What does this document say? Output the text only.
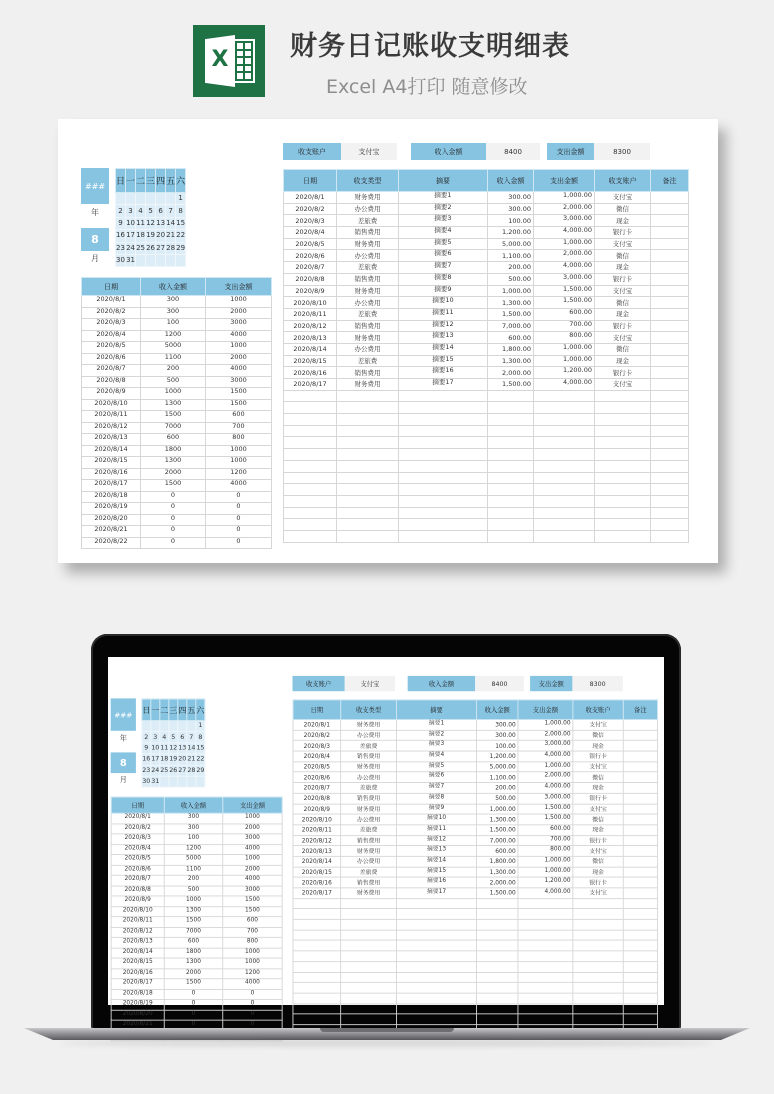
X 财务日记账收支明细表
Excel A4打印 随意修改
收支账户	支付宝	收入金额	8400	支出金额	8300
###
年
8
月
日	一	二	三	四	五	六
						1
2	3	4	5	6	7	8
9	10	11	12	13	14	15
16	17	18	19	20	21	22
23	24	25	26	27	28	29
30	31					
日期	收入金额	支出金额
2020/8/1	300	1000
2020/8/2	300	2000
2020/8/3	100	3000
2020/8/4	1200	4000
2020/8/5	5000	1000
2020/8/6	1100	2000
2020/8/7	200	4000
2020/8/8	500	3000
2020/8/9	1000	1500
2020/8/10	1300	1500
2020/8/11	1500	600
2020/8/12	7000	700
2020/8/13	600	800
2020/8/14	1800	1000
2020/8/15	1300	1000
2020/8/16	2000	1200
2020/8/17	1500	4000
2020/8/18	0	0
2020/8/19	0	0
2020/8/20	0	0
2020/8/21	0	0
2020/8/22	0	0
日期	收支类型	摘要	收入金额	支出金额	收支账户	备注
2020/8/1	财务费用	摘要1	300.00	1,000.00	支付宝	
2020/8/2	办公费用	摘要2	300.00	2,000.00	微信	
2020/8/3	差旅费	摘要3	100.00	3,000.00	现金	
2020/8/4	销售费用	摘要4	1,200.00	4,000.00	银行卡	
2020/8/5	财务费用	摘要5	5,000.00	1,000.00	支付宝	
2020/8/6	办公费用	摘要6	1,100.00	2,000.00	微信	
2020/8/7	差旅费	摘要7	200.00	4,000.00	现金	
2020/8/8	销售费用	摘要8	500.00	3,000.00	银行卡	
2020/8/9	财务费用	摘要9	1,000.00	1,500.00	支付宝	
2020/8/10	办公费用	摘要10	1,300.00	1,500.00	微信	
2020/8/11	差旅费	摘要11	1,500.00	600.00	现金	
2020/8/12	销售费用	摘要12	7,000.00	700.00	银行卡	
2020/8/13	财务费用	摘要13	600.00	800.00	支付宝	
2020/8/14	办公费用	摘要14	1,800.00	1,000.00	微信	
2020/8/15	差旅费	摘要15	1,300.00	1,000.00	现金	
2020/8/16	销售费用	摘要16	2,000.00	1,200.00	银行卡	
2020/8/17	财务费用	摘要17	1,500.00	4,000.00	支付宝	

收支账户	支付宝	收入金额	8400	支出金额	8300
###
年
8
月
日	一	二	三	四	五	六
						1
2	3	4	5	6	7	8
9	10	11	12	13	14	15
16	17	18	19	20	21	22
23	24	25	26	27	28	29
30	31					
日期	收入金额	支出金额
2020/8/1	300	1000
2020/8/2	300	2000
2020/8/3	100	3000
2020/8/4	1200	4000
2020/8/5	5000	1000
2020/8/6	1100	2000
2020/8/7	200	4000
2020/8/8	500	3000
2020/8/9	1000	1500
2020/8/10	1300	1500
2020/8/11	1500	600
2020/8/12	7000	700
2020/8/13	600	800
2020/8/14	1800	1000
2020/8/15	1300	1000
2020/8/16	2000	1200
2020/8/17	1500	4000
2020/8/18	0	0
2020/8/19	0	0
2020/8/20	0	0
2020/8/21	0	0

日期	收支类型	摘要	收入金额	支出金额	收支账户	备注
2020/8/1	财务费用	摘要1	300.00	1,000.00	支付宝	
2020/8/2	办公费用	摘要2	300.00	2,000.00	微信	
2020/8/3	差旅费	摘要3	100.00	3,000.00	现金	
2020/8/4	销售费用	摘要4	1,200.00	4,000.00	银行卡	
2020/8/5	财务费用	摘要5	5,000.00	1,000.00	支付宝	
2020/8/6	办公费用	摘要6	1,100.00	2,000.00	微信	
2020/8/7	差旅费	摘要7	200.00	4,000.00	现金	
2020/8/8	销售费用	摘要8	500.00	3,000.00	银行卡	
2020/8/9	财务费用	摘要9	1,000.00	1,500.00	支付宝	
2020/8/10	办公费用	摘要10	1,300.00	1,500.00	微信	
2020/8/11	差旅费	摘要11	1,500.00	600.00	现金	
2020/8/12	销售费用	摘要12	7,000.00	700.00	银行卡	
2020/8/13	财务费用	摘要13	600.00	800.00	支付宝	
2020/8/14	办公费用	摘要14	1,800.00	1,000.00	微信	
2020/8/15	差旅费	摘要15	1,300.00	1,000.00	现金	
2020/8/16	销售费用	摘要16	2,000.00	1,200.00	银行卡	
2020/8/17	财务费用	摘要17	1,500.00	4,000.00	支付宝	
